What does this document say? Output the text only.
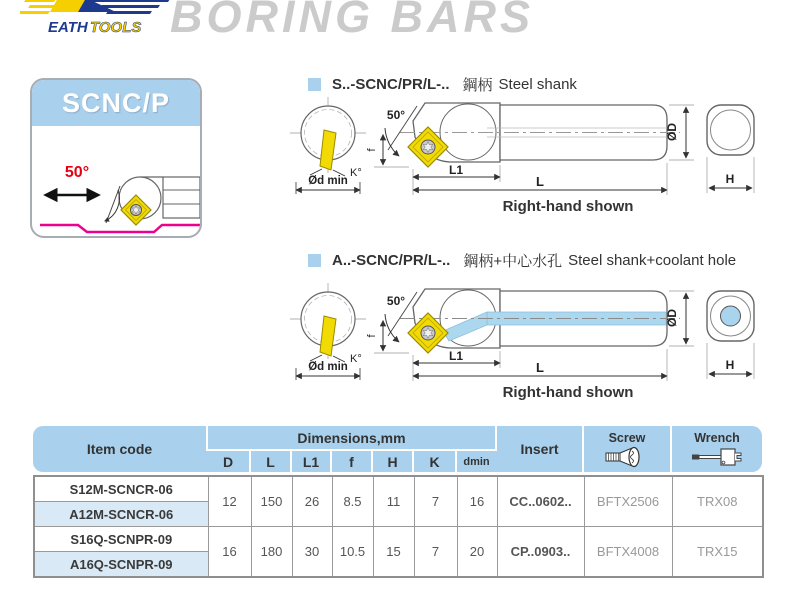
EATH TOOLS BORING BARS
SCNC/P
50°
S..-SCNC/PR/L-.. 鋼柄 Steel shank
K°
Ød min
50°
f
L1
L
ØD
H
Right-hand shown
A..-SCNC/PR/L-.. 鋼柄+中心水孔 Steel shank+coolant hole
K°
Ød min
50°
f
L1
L
ØD
H
Right-hand shown
Item code	Dimensions,mm							Insert	Screw	Wrench

	D	L	L1	f	H	K	dmin			
S12M-SCNCR-06	12	150	26	8.5	11	7	16	CC..0602..	BFTX2506	TRX08
A12M-SCNCR-06										
S16Q-SCNPR-09	16	180	30	10.5	15	7	20	CP..0903..	BFTX4008	TRX15
A16Q-SCNPR-09										
